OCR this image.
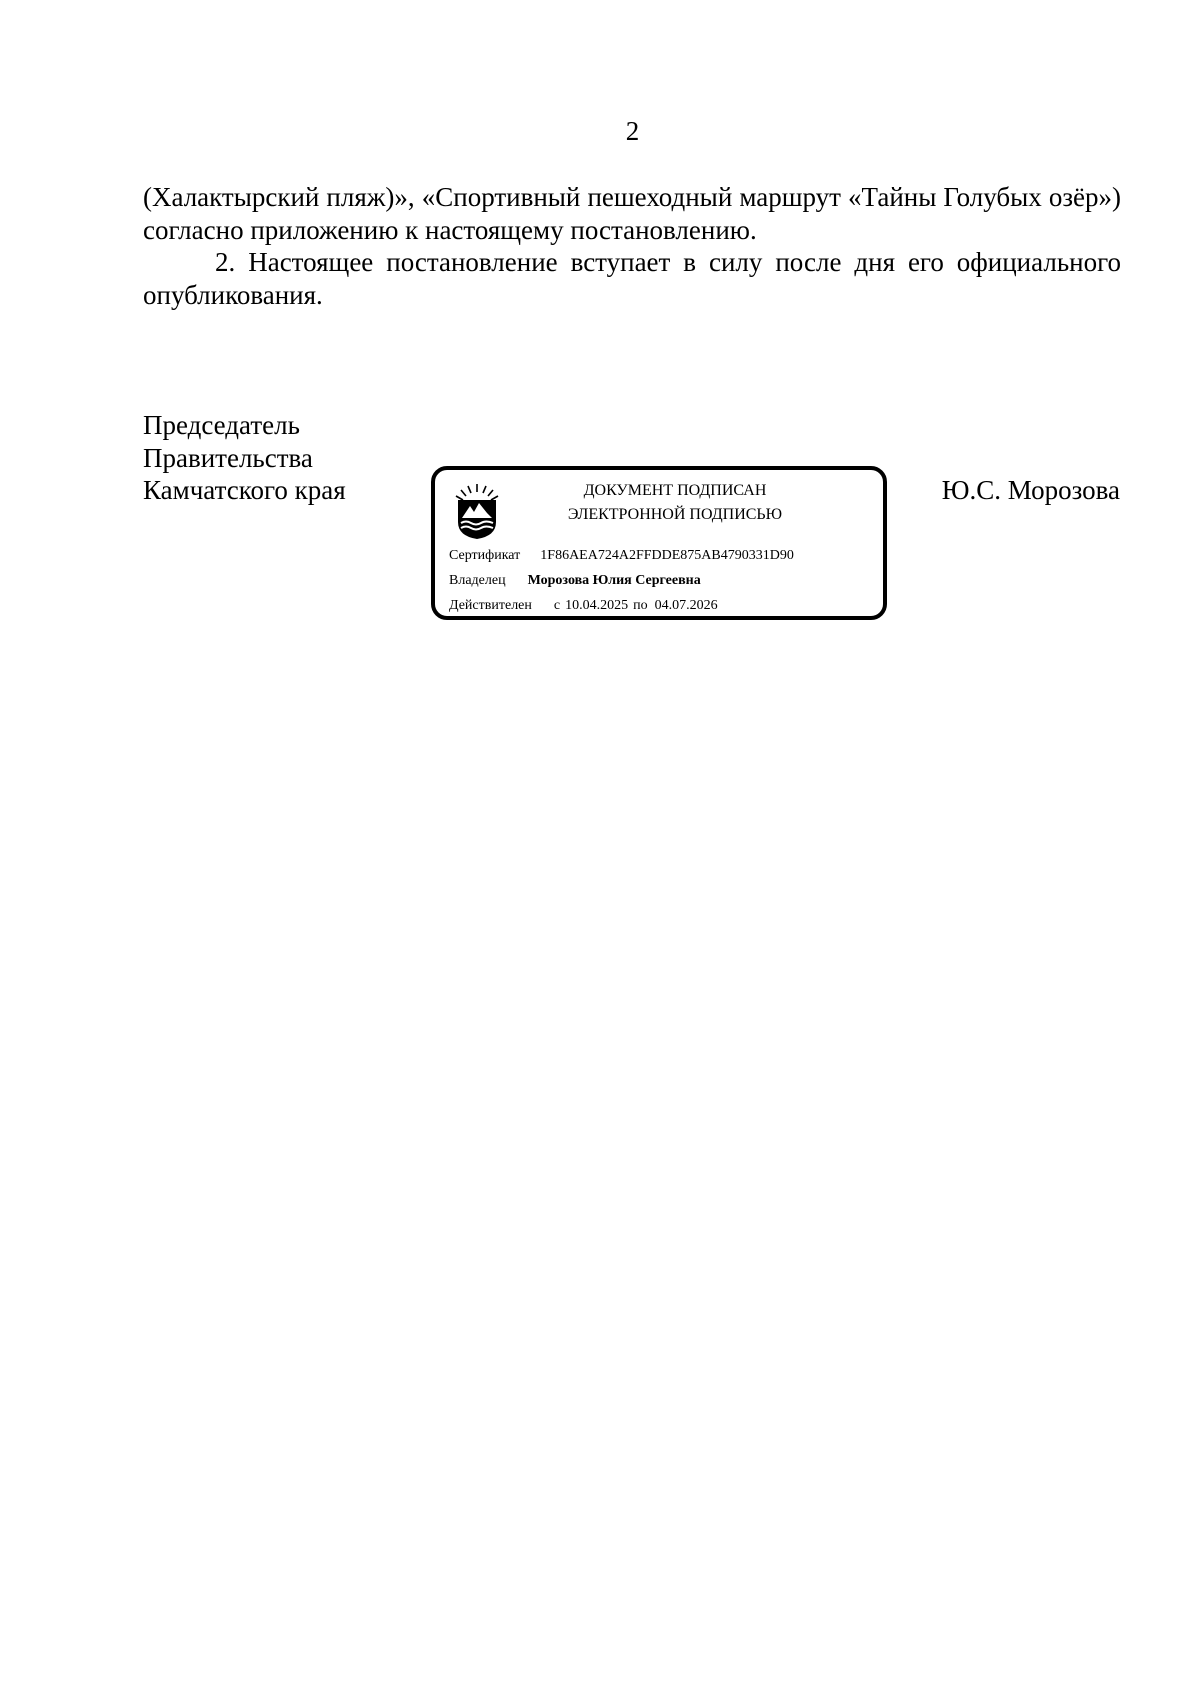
2

(Халактырский пляж)», «Спортивный пешеходный маршрут «Тайны Голубых озёр») согласно приложению к настоящему постановлению.

2. Настоящее постановление вступает в силу после дня его официального опубликования.

Председатель
Правительства
Камчатского края	Ю.С. Морозова
ДОКУМЕНТ ПОДПИСАН
ЭЛЕКТРОННОЙ ПОДПИСЬЮ
Сертификат 1F86AEA724A2FFDDE875AB4790331D90
Владелец Морозова Юлия Сергеевна
Действителен с 10.04.2025 по 04.07.2026
